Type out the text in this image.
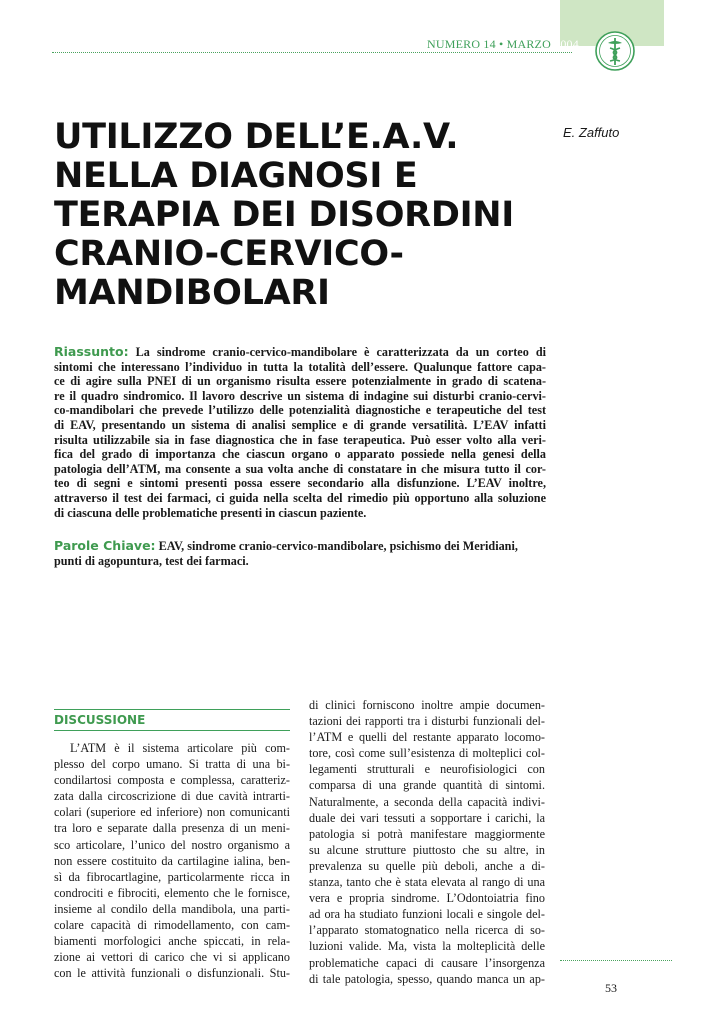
NUMERO 14 • MARZO 2004
E. Zaffuto
UTILIZZO DELL’E.A.V.
NELLA DIAGNOSI E
TERAPIA DEI DISORDINI
CRANIO-CERVICO-
MANDIBOLARI

Riassunto: La sindrome cranio-cervico-mandibolare è caratterizzata da un corteo di
sintomi che interessano l’individuo in tutta la totalità dell’essere. Qualunque fattore capa-
ce di agire sulla PNEI di un organismo risulta essere potenzialmente in grado di scatena-
re il quadro sindromico. Il lavoro descrive un sistema di indagine sui disturbi cranio-cervi-
co-mandibolari che prevede l’utilizzo delle potenzialità diagnostiche e terapeutiche del test
di EAV, presentando un sistema di analisi semplice e di grande versatilità. L’EAV infatti
risulta utilizzabile sia in fase diagnostica che in fase terapeutica. Può esser volto alla veri-
fica del grado di importanza che ciascun organo o apparato possiede nella genesi della
patologia dell’ATM, ma consente a sua volta anche di constatare in che misura tutto il cor-
teo di segni e sintomi presenti possa essere secondario alla disfunzione. L’EAV inoltre,
attraverso il test dei farmaci, ci guida nella scelta del rimedio più opportuno alla soluzione
di ciascuna delle problematiche presenti in ciascun paziente.

Parole Chiave: EAV, sindrome cranio-cervico-mandibolare, psichismo dei Meridiani,
punti di agopuntura, test dei farmaci.

DISCUSSIONE

L’ATM è il sistema articolare più com-
plesso del corpo umano. Si tratta di una bi-
condilartosi composta e complessa, caratteriz-
zata dalla circoscrizione di due cavità intrarti-
colari (superiore ed inferiore) non comunicanti
tra loro e separate dalla presenza di un meni-
sco articolare, l’unico del nostro organismo a
non essere costituito da cartilagine ialina, ben-
sì da fibrocartlagine, particolarmente ricca in
condrociti e fibrociti, elemento che le fornisce,
insieme al condilo della mandibola, una parti-
colare capacità di rimodellamento, con cam-
biamenti morfologici anche spiccati, in rela-
zione ai vettori di carico che vi si applicano
con le attività funzionali o disfunzionali. Stu-

di clinici forniscono inoltre ampie documen-
tazioni dei rapporti tra i disturbi funzionali del-
l’ATM e quelli del restante apparato locomo-
tore, così come sull’esistenza di molteplici col-
legamenti strutturali e neurofisiologici con
comparsa di una grande quantità di sintomi.
Naturalmente, a seconda della capacità indivi-
duale dei vari tessuti a sopportare i carichi, la
patologia si potrà manifestare maggiormente
su alcune strutture piuttosto che su altre, in
prevalenza su quelle più deboli, anche a di-
stanza, tanto che è stata elevata al rango di una
vera e propria sindrome. L’Odontoiatria fino
ad ora ha studiato funzioni locali e singole del-
l’apparato stomatognatico nella ricerca di so-
luzioni valide. Ma, vista la molteplicità delle
problematiche capaci di causare l’insorgenza
di tale patologia, spesso, quando manca un ap-

53
